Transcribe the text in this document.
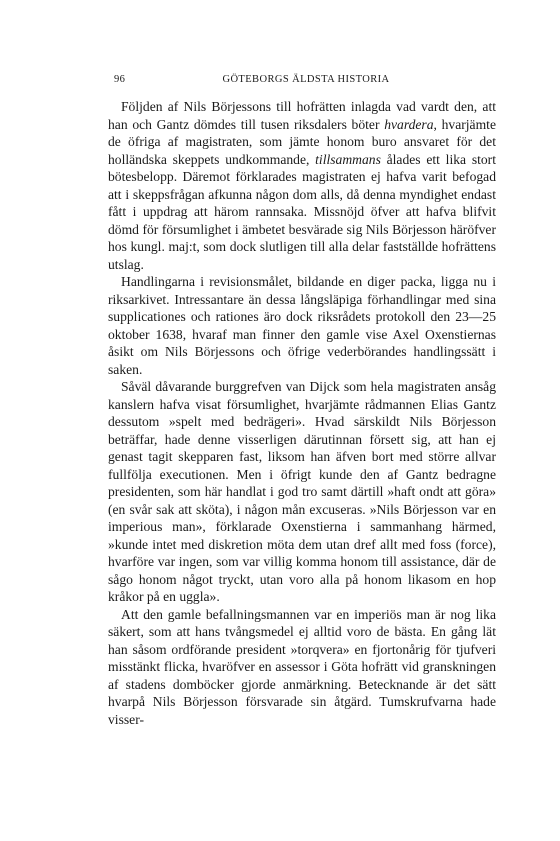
96	GÖTEBORGS ÄLDSTA HISTORIA

Följden af Nils Börjessons till hofrätten inlagda vad vardt den, att han och Gantz dömdes till tusen riksdalers böter hvardera, hvarjämte de öfriga af magistraten, som jämte honom buro ansvaret för det holländska skeppets undkommande, tillsammans ålades ett lika stort bötesbelopp. Däremot förklarades magistraten ej hafva varit befogad att i skeppsfrågan afkunna någon dom alls, då denna myndighet endast fått i uppdrag att härom rannsaka. Missnöjd öfver att hafva blifvit dömd för försumlighet i ämbetet besvärade sig Nils Börjesson häröfver hos kungl. maj:t, som dock slutligen till alla delar fastställde hofrättens utslag.

Handlingarna i revisionsmålet, bildande en diger packa, ligga nu i riksarkivet. Intressantare än dessa långsläpiga förhandlingar med sina supplicationes och rationes äro dock riksrådets protokoll den 23—25 oktober 1638, hvaraf man finner den gamle vise Axel Oxenstiernas åsikt om Nils Börjessons och öfrige vederbörandes handlingssätt i saken.

Såväl dåvarande burggrefven van Dijck som hela magistraten ansåg kanslern hafva visat försumlighet, hvarjämte rådmannen Elias Gantz dessutom »spelt med bedrägeri». Hvad särskildt Nils Börjesson beträffar, hade denne visserligen därutinnan försett sig, att han ej genast tagit skepparen fast, liksom han äfven bort med större allvar fullfölja executionen. Men i öfrigt kunde den af Gantz bedragne presidenten, som här handlat i god tro samt därtill »haft ondt att göra» (en svår sak att sköta), i någon mån excuseras. »Nils Börjesson var en imperious man», förklarade Oxenstierna i sammanhang härmed, »kunde intet med diskretion möta dem utan dref allt med foss (force), hvarföre var ingen, som var villig komma honom till assistance, där de sågo honom något tryckt, utan voro alla på honom likasom en hop kråkor på en uggla».

Att den gamle befallningsmannen var en imperiös man är nog lika säkert, som att hans tvångsmedel ej alltid voro de bästa. En gång lät han såsom ordförande president »torqvera» en fjortonårig för tjufveri misstänkt flicka, hvaröfver en assessor i Göta hofrätt vid granskningen af stadens domböcker gjorde anmärkning. Betecknande är det sätt hvarpå Nils Börjesson försvarade sin åtgärd. Tumskrufvarna hade visser-
